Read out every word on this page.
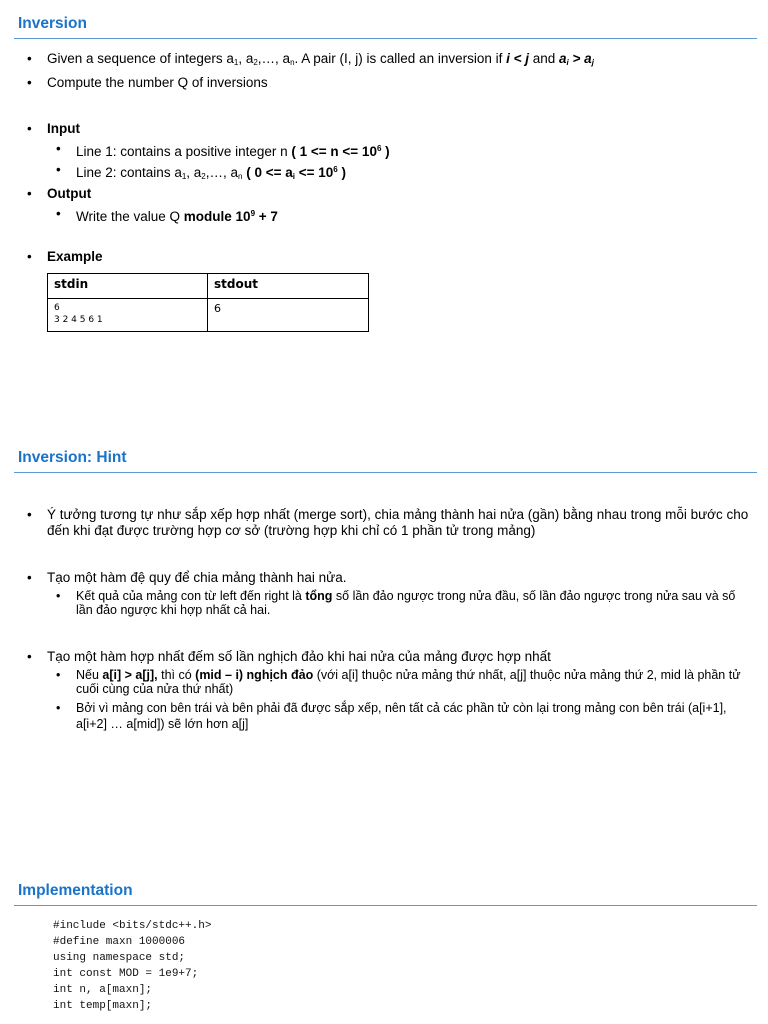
Inversion
• Given a sequence of integers $a_1$, $a_2,\dots$, $a_n$. A pair (I, j) is called an inversion if i < j and $a_i > a_j$
• Compute the number Q of inversions
• Input
• Line 1: contains a positive integer n ( $1 <= n <= 10^6$ )
• Line 2: contains $a_1$, $a_2,\dots$, $a_n$ ( $0 <= a_i <= 10^6$ )
• Output
• Write the value Q module $10^9 + 7$
• Example
stdin	stdout

6
3 2 4 5 6 1	6
Inversion: Hint
• Ý tưởng tương tự như sắp xếp hợp nhất (merge sort), chia mảng thành hai nửa (gần) bằng nhau trong mỗi bước cho đến khi đạt được trường hợp cơ sở (trường hợp khi chỉ có 1 phần tử trong mảng)
• Tạo một hàm đệ quy để chia mảng thành hai nửa.
• Kết quả của mảng con từ left đến right là tổng số lần đảo ngược trong nửa đầu, số lần đảo ngược trong nửa sau và số lần đảo ngược khi hợp nhất cả hai.
• Tạo một hàm hợp nhất đếm số lần nghịch đảo khi hai nửa của mảng được hợp nhất
• Nếu a[i] > a[j], thì có (mid – i) nghịch đảo (với a[i] thuộc nửa mảng thứ nhất, a[j] thuộc nửa mảng thứ 2, mid là phần tử cuối cùng của nửa thứ nhất)
• Bởi vì mảng con bên trái và bên phải đã được sắp xếp, nên tất cả các phần tử còn lại trong mảng con bên trái (a[i+1], a[i+2] … a[mid]) sẽ lớn hơn a[j]
Implementation
#include <bits/stdc++.h>
#define maxn 1000006
using namespace std;
int const MOD = 1e9+7;
int n, a[maxn];
int temp[maxn];
